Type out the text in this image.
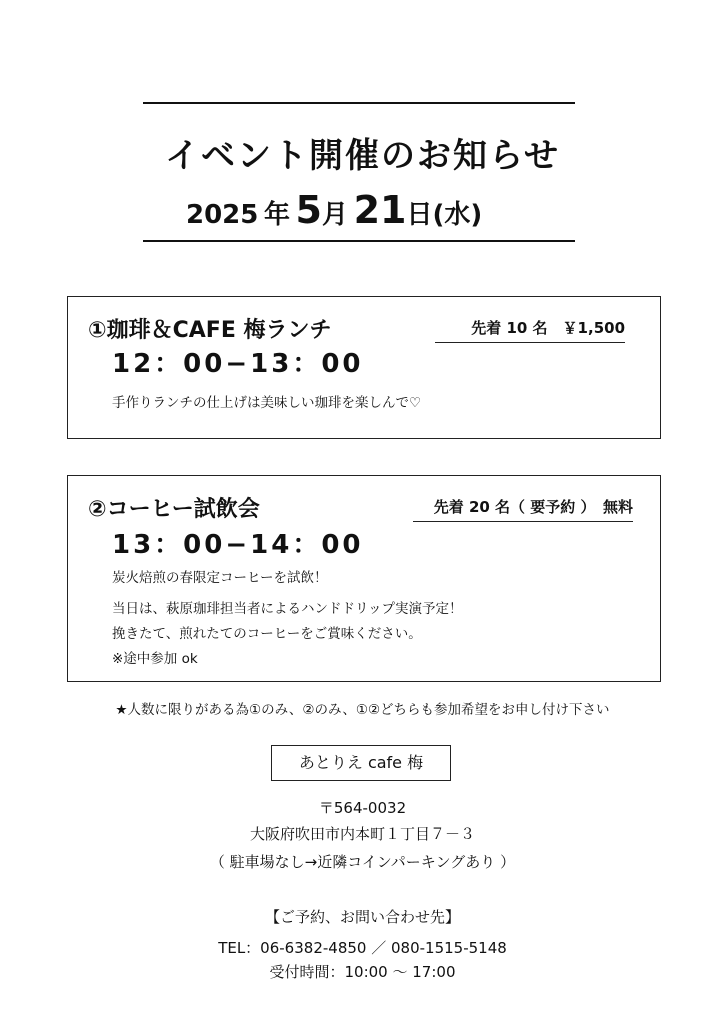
イベント開催のお知らせ
2025 年 5月 21日(水)
①珈琲＆CAFE 梅ランチ	先着 10 名　￥1,500
12：00−13：00
手作りランチの仕上げは美味しい珈琲を楽しんで♡
②コーヒー試飲会	先着 20 名（ 要予約 ）　無料
13：00−14：00
炭火焙煎の春限定コーヒーを試飲！
当日は、萩原珈琲担当者によるハンドドリップ実演予定！
挽きたて、煎れたてのコーヒーをご賞味ください。
※途中参加 ok
★人数に限りがある為①のみ、②のみ、①②どちらも参加希望をお申し付け下さい
あとりえ cafe 梅
〒564-0032
大阪府吹田市内本町１丁目７－３
（ 駐車場なし→近隣コインパーキングあり ）
【ご予約、お問い合わせ先】
TEL：06-6382-4850 ／ 080-1515-5148
受付時間：10:00 ～ 17:00
